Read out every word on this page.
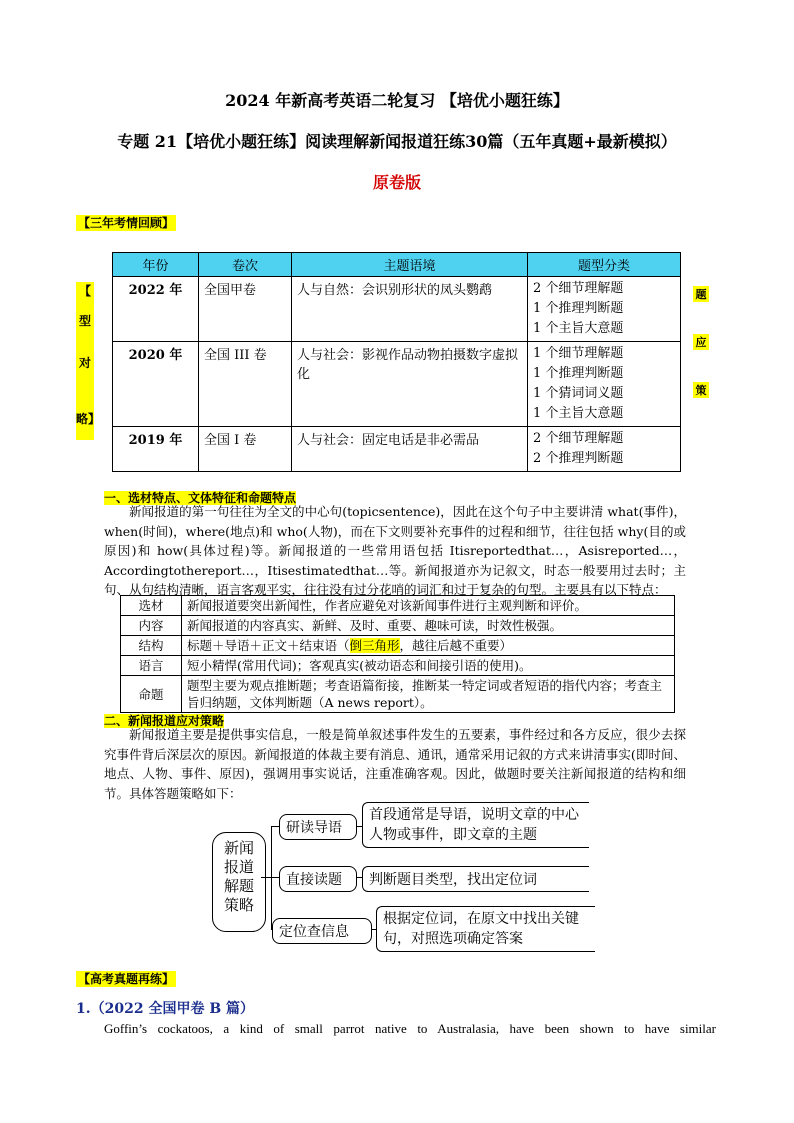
2024 年新高考英语二轮复习 【培优小题狂练】
专题 21【培优小题狂练】阅读理解新闻报道狂练30篇（五年真题+最新模拟）
原卷版
【三年考情回顾】
【
型
对
略】
题
应
策
年份	卷次	主题语境	题型分类
2022 年	全国甲卷	人与自然：会识别形状的凤头鹦鹉	2 个细节理解题
1 个推理判断题
1 个主旨大意题

2020 年	全国 III 卷	人与社会：影视作品动物拍摄数字虚拟化	1 个细节理解题
1 个推理判断题
1 个猜词词义题
1 个主旨大意题

2019 年	全国 I 卷	人与社会：固定电话是非必需品	2 个细节理解题
2 个推理判断题
一、选材特点、文体特征和命题特点
新闻报道的第一句往往为全文的中心句(topicsentence)，因此在这个句子中主要讲清 what(事件)，when(时间)，where(地点)和 who(人物)，而在下文则要补充事件的过程和细节，往往包括 why(目的或原因)和 how(具体过程)等。新闻报道的一些常用语包括 Itisreportedthat…，Asisreported…，Accordingtothereport…，Itisestimatedthat…等。新闻报道亦为记叙文，时态一般要用过去时；主句、从句结构清晰，语言客观平实，往往没有过分花哨的词汇和过于复杂的句型。主要具有以下特点：
选材	新闻报道要突出新闻性，作者应避免对该新闻事件进行主观判断和评价。
内容	新闻报道的内容真实、新鲜、及时、重要、趣味可读，时效性极强。
结构	标题＋导语＋正文＋结束语（倒三角形，越往后越不重要）
语言	短小精悍(常用代词)；客观真实(被动语态和间接引语的使用)。
命题	题型主要为观点推断题；考查语篇衔接，推断某一特定词或者短语的指代内容；考查主旨归纳题，文体判断题（A news report）。
二、新闻报道应对策略
新闻报道主要是提供事实信息，一般是简单叙述事件发生的五要素，事件经过和各方反应，很少去探究事件背后深层次的原因。新闻报道的体裁主要有消息、通讯，通常采用记叙的方式来讲清事实(即时间、地点、人物、事件、原因)，强调用事实说话，注重准确客观。因此，做题时要关注新闻报道的结构和细节。具体答题策略如下：
新闻报道解题策略
研读导语
首段通常是导语，说明文章的中心人物或事件，即文章的主题
直接读题	判断题目类型，找出定位词
定位查信息
根据定位词，在原文中找出关键句，对照选项确定答案
【高考真题再练】
1.（2022 全国甲卷 B 篇）
Goffin’s cockatoos, a kind of small parrot native to Australasia, have been shown to have similar
